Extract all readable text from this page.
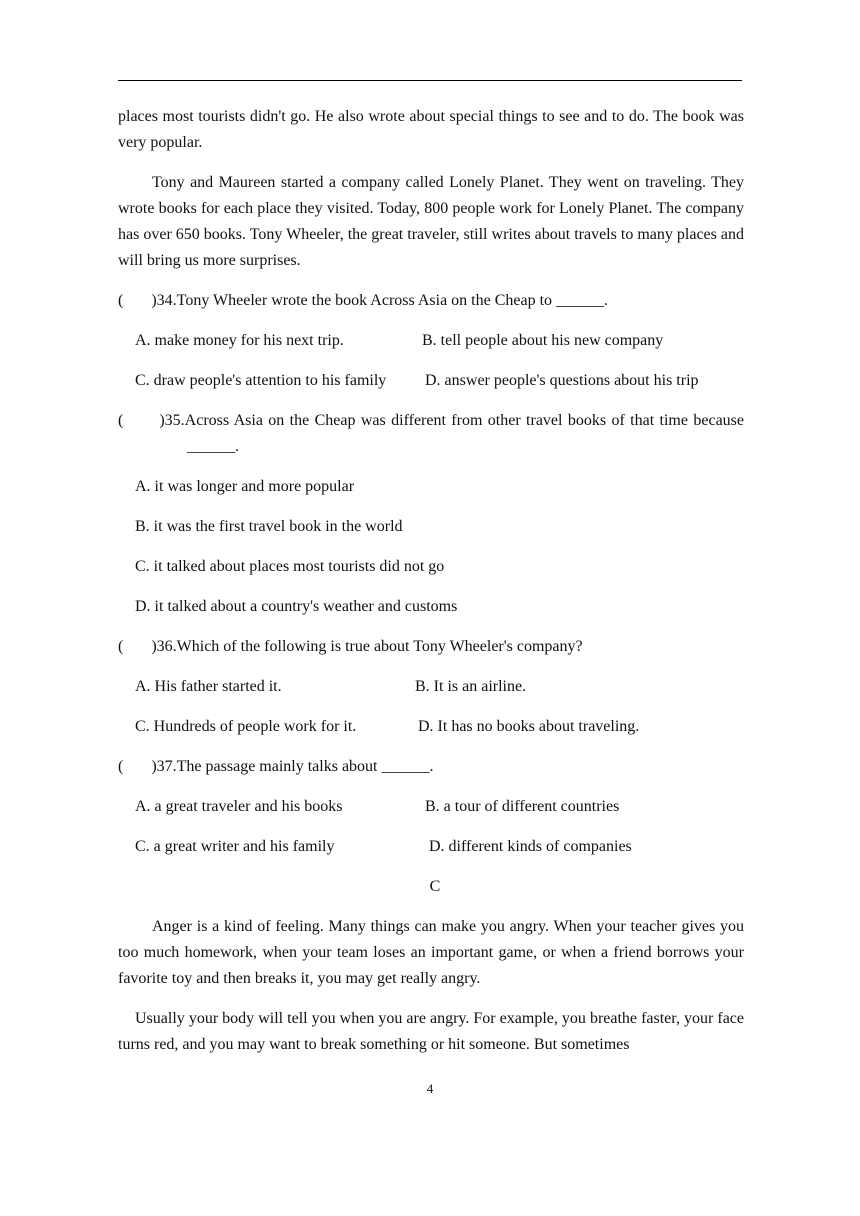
places most tourists didn't go. He also wrote about special things to see and to do. The book was very popular.

Tony and Maureen started a company called Lonely Planet. They went on traveling. They wrote books for each place they visited. Today, 800 people work for Lonely Planet. The company has over 650 books. Tony Wheeler, the great traveler, still writes about travels to many places and will bring us more surprises.

( )34.Tony Wheeler wrote the book Across Asia on the Cheap to ______.

A. make money for his next trip.	B. tell people about his new company
C. draw people's attention to his family D. answer people's questions about his trip

( )35.Across Asia on the Cheap was different from other travel books of that time because ______.

A. it was longer and more popular

B. it was the first travel book in the world

C. it talked about places most tourists did not go

D. it talked about a country's weather and customs

( )36.Which of the following is true about Tony Wheeler's company?

A. His father started it.	B. It is an airline.
C. Hundreds of people work for it.	D. It has no books about traveling.

( )37.The passage mainly talks about ______.

A. a great traveler and his books	B. a tour of different countries
C. a great writer and his family	D. different kinds of companies

C

Anger is a kind of feeling. Many things can make you angry. When your teacher gives you too much homework, when your team loses an important game, or when a friend borrows your favorite toy and then breaks it, you may get really angry.

Usually your body will tell you when you are angry. For example, you breathe faster, your face turns red, and you may want to break something or hit someone. But sometimes

4
